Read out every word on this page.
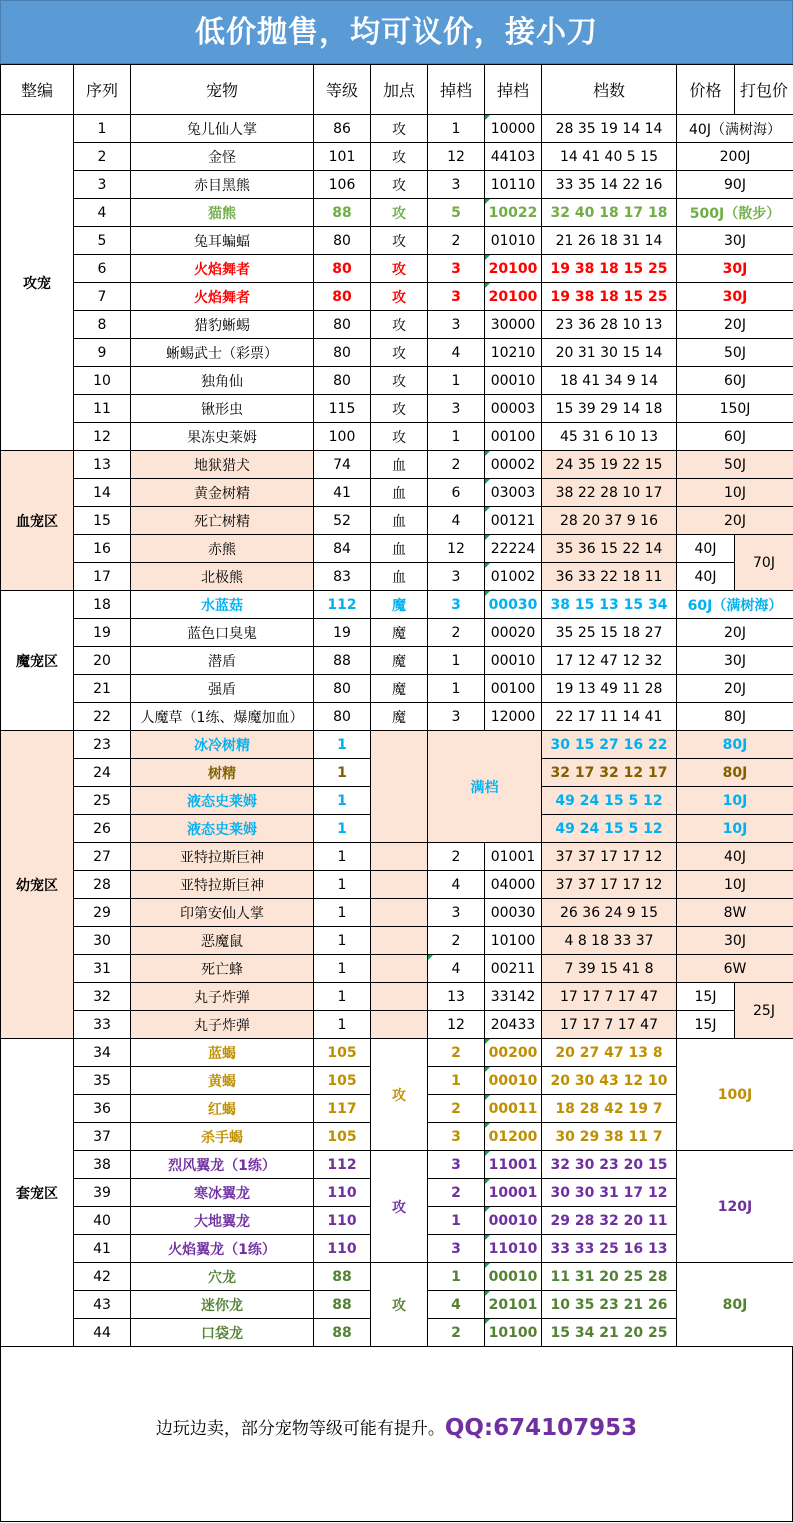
低价抛售，均可议价，接小刀
整编	序列	宠物	等级	加点	掉档	掉档	档数	价格	打包价
攻宠	1	兔儿仙人掌	86	攻	1	10000	28 35 19 14 14	40J（满树海）	
	2	金怪	101	攻	12	44103	14 41 40 5 15	200J	
	3	赤目黑熊	106	攻	3	10110	33 35 14 22 16	90J	
	4	猫熊	88	攻	5	10022	32 40 18 17 18	500J（散步）	
	5	兔耳蝙蝠	80	攻	2	01010	21 26 18 31 14	30J	
	6	火焰舞者	80	攻	3	20100	19 38 18 15 25	30J	
	7	火焰舞者	80	攻	3	20100	19 38 18 15 25	30J	
	8	猎豹蜥蜴	80	攻	3	30000	23 36 28 10 13	20J	
	9	蜥蜴武士（彩票）	80	攻	4	10210	20 31 30 15 14	50J	
	10	独角仙	80	攻	1	00010	18 41 34 9 14	60J	
	11	锹形虫	115	攻	3	00003	15 39 29 14 18	150J	
	12	果冻史莱姆	100	攻	1	00100	45 31 6 10 13	60J	
血宠区	13	地狱猎犬	74	血	2	00002	24 35 19 22 15	50J	
	14	黄金树精	41	血	6	03003	38 22 28 10 17	10J	
	15	死亡树精	52	血	4	00121	28 20 37 9 16	20J	
	16	赤熊	84	血	12	22224	35 36 15 22 14	40J	70J
	17	北极熊	83	血	3	01002	36 33 22 18 11	40J	
魔宠区	18	水蓝菇	112	魔	3	00030	38 15 13 15 34	60J（满树海）	
	19	蓝色口臭鬼	19	魔	2	00020	35 25 15 18 27	20J	
	20	潜盾	88	魔	1	00010	17 12 47 12 32	30J	
	21	强盾	80	魔	1	00100	19 13 49 11 28	20J	
	22	人魔草（1练、爆魔加血）	80	魔	3	12000	22 17 11 14 41	80J	
幼宠区	23	冰冷树精	1		满档		30 15 27 16 22	80J	
	24	树精	1				32 17 32 12 17	80J	
	25	液态史莱姆	1				49 24 15 5 12	10J	
	26	液态史莱姆	1				49 24 15 5 12	10J	
	27	亚特拉斯巨神	1		2	01001	37 37 17 17 12	40J	
	28	亚特拉斯巨神	1		4	04000	37 37 17 17 12	10J	
	29	印第安仙人掌	1		3	00030	26 36 24 9 15	8W	
	30	恶魔鼠	1		2	10100	4 8 18 33 37	30J	
	31	死亡蜂	1		4	00211	7 39 15 41 8	6W	
	32	丸子炸弹	1		13	33142	17 17 7 17 47	15J	25J
	33	丸子炸弹	1		12	20433	17 17 7 17 47	15J	
套宠区	34	蓝蝎	105	攻	2	00200	20 27 47 13 8	100J	
	35	黄蝎	105		1	00010	20 30 43 12 10		
	36	红蝎	117		2	00011	18 28 42 19 7		
	37	杀手蝎	105		3	01200	30 29 38 11 7		
	38	烈风翼龙（1练）	112	攻	3	11001	32 30 23 20 15	120J	
	39	寒冰翼龙	110		2	10001	30 30 31 17 12		
	40	大地翼龙	110		1	00010	29 28 32 20 11		
	41	火焰翼龙（1练）	110		3	11010	33 33 25 16 13		
	42	穴龙	88	攻	1	00010	11 31 20 25 28	80J	
	43	迷你龙	88		4	20101	10 35 23 21 26		
	44	口袋龙	88		2	10100	15 34 21 20 25		
边玩边卖，部分宠物等级可能有提升。QQ:674107953
